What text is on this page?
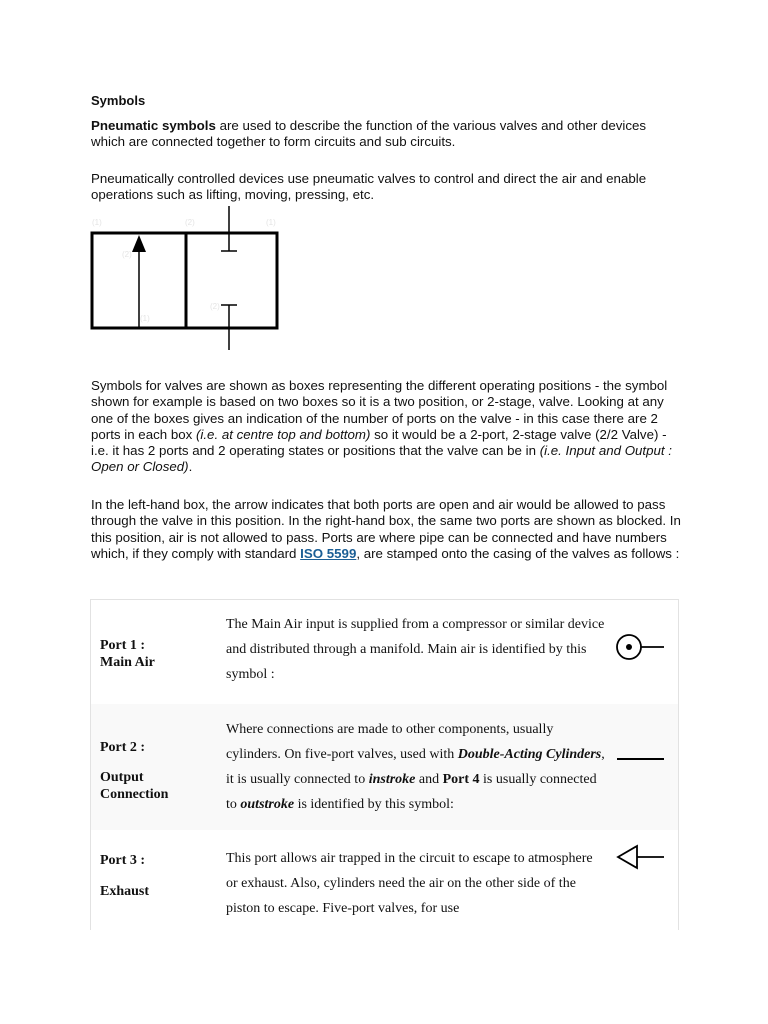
Symbols

Pneumatic symbols are used to describe the function of the various valves and other devices which are connected together to form circuits and sub circuits.

Pneumatically controlled devices use pneumatic valves to control and direct the air and enable operations such as lifting, moving, pressing, etc.

Symbols for valves are shown as boxes representing the different operating positions - the symbol shown for example is based on two boxes so it is a two position, or 2-stage, valve. Looking at any one of the boxes gives an indication of the number of ports on the valve - in this case there are 2 ports in each box (i.e. at centre top and bottom) so it would be a 2-port, 2-stage valve (2/2 Valve) - i.e. it has 2 ports and 2 operating states or positions that the valve can be in (i.e. Input and Output : Open or Closed).

In the left-hand box, the arrow indicates that both ports are open and air would be allowed to pass through the valve in this position. In the right-hand box, the same two ports are shown as blocked. In this position, air is not allowed to pass. Ports are where pipe can be connected and have numbers which, if they comply with standard ISO 5599, are stamped onto the casing of the valves as follows :

(1)	(2)	(1)
(2)
(2)
(1)
Port 1 :
Main Air
The Main Air input is supplied from a compressor or similar device and distributed through a manifold. Main air is identified by this symbol :
Port 2 :
Output
Connection
Where connections are made to other components, usually cylinders. On five-port valves, used with Double-Acting Cylinders, it is usually connected to instroke and Port 4 is usually connected to outstroke is identified by this symbol:
Port 3 :
Exhaust
This port allows air trapped in the circuit to escape to atmosphere or exhaust. Also, cylinders need the air on the other side of the piston to escape. Five-port valves, for use
